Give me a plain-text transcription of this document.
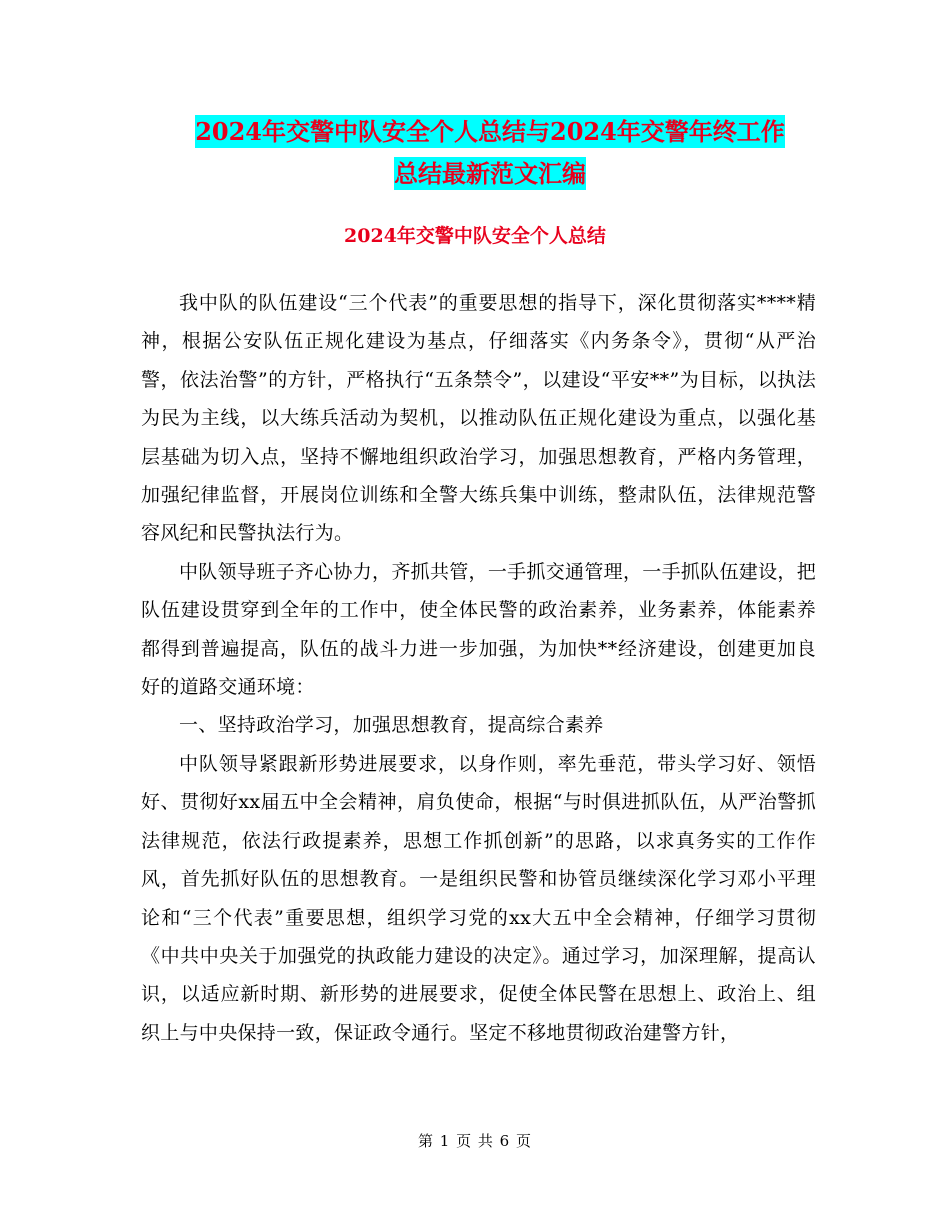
2024年交警中队安全个人总结与2024年交警年终工作
总结最新范文汇编
2024年交警中队安全个人总结

我中队的队伍建设“三个代表”的重要思想的指导下，深化贯彻落实****精神，根据公安队伍正规化建设为基点，仔细落实《内务条令》，贯彻“从严治警，依法治警”的方针，严格执行“五条禁令”，以建设“平安**”为目标，以执法为民为主线，以大练兵活动为契机，以推动队伍正规化建设为重点，以强化基层基础为切入点，坚持不懈地组织政治学习，加强思想教育，严格内务管理，加强纪律监督，开展岗位训练和全警大练兵集中训练，整肃队伍，法律规范警容风纪和民警执法行为。

中队领导班子齐心协力，齐抓共管，一手抓交通管理，一手抓队伍建设，把队伍建设贯穿到全年的工作中，使全体民警的政治素养，业务素养，体能素养都得到普遍提高，队伍的战斗力进一步加强，为加快**经济建设，创建更加良好的道路交通环境：

一、坚持政治学习，加强思想教育，提高综合素养

中队领导紧跟新形势进展要求，以身作则，率先垂范，带头学习好、领悟好、贯彻好xx届五中全会精神，肩负使命，根据“与时俱进抓队伍，从严治警抓法律规范，依法行政提素养，思想工作抓创新”的思路，以求真务实的工作作风，首先抓好队伍的思想教育。一是组织民警和协管员继续深化学习邓小平理论和“三个代表”重要思想，组织学习党的xx大五中全会精神，仔细学习贯彻《中共中央关于加强党的执政能力建设的决定》。通过学习，加深理解，提高认识，以适应新时期、新形势的进展要求，促使全体民警在思想上、政治上、组织上与中央保持一致，保证政令通行。坚定不移地贯彻政治建警方针，

第 1 页 共 6 页
